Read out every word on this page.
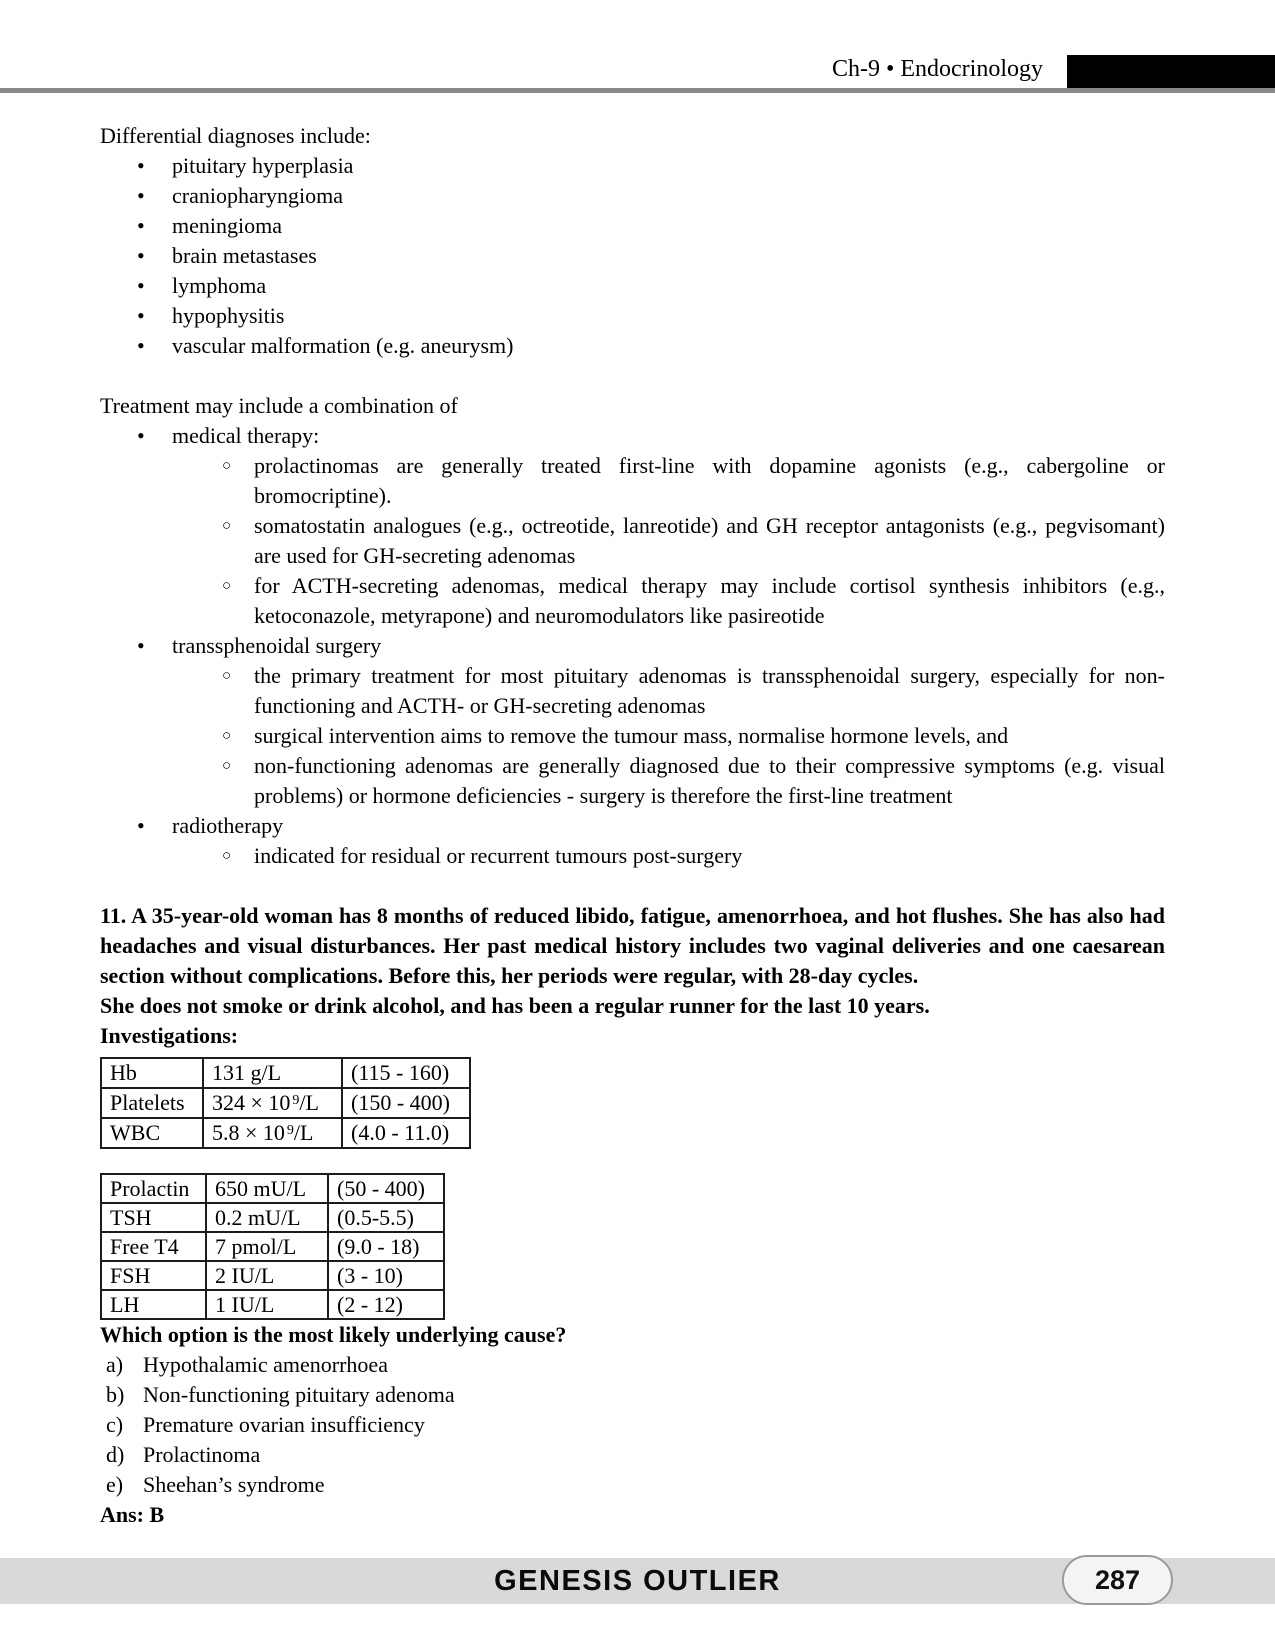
Ch-9 • Endocrinology
Differential diagnoses include:
•	pituitary hyperplasia
•	craniopharyngioma
•	meningioma
•	brain metastases
•	lymphoma
•	hypophysitis
•	vascular malformation (e.g. aneurysm)
Treatment may include a combination of
•	medical therapy:
○	prolactinomas are generally treated first-line with dopamine agonists (e.g., cabergoline or bromocriptine).
○	somatostatin analogues (e.g., octreotide, lanreotide) and GH receptor antagonists (e.g., pegvisomant) are used for GH-secreting adenomas
○	for ACTH-secreting adenomas, medical therapy may include cortisol synthesis inhibitors (e.g., ketoconazole, metyrapone) and neuromodulators like pasireotide
•	transsphenoidal surgery
○	the primary treatment for most pituitary adenomas is transsphenoidal surgery, especially for non-functioning and ACTH- or GH-secreting adenomas
○	surgical intervention aims to remove the tumour mass, normalise hormone levels, and
○	non-functioning adenomas are generally diagnosed due to their compressive symptoms (e.g. visual problems) or hormone deficiencies - surgery is therefore the first-line treatment
•	radiotherapy
○	indicated for residual or recurrent tumours post-surgery
11. A 35-year-old woman has 8 months of reduced libido, fatigue, amenorrhoea, and hot flushes. She has also had headaches and visual disturbances. Her past medical history includes two vaginal deliveries and one caesarean section without complications. Before this, her periods were regular, with 28-day cycles.
She does not smoke or drink alcohol, and has been a regular runner for the last 10 years.
Investigations:
Hb	131 g/L	(115 - 160)
Platelets	324 × 10 $^9$/L	(150 - 400)
WBC	5.8 × 10 $^9$/L	(4.0 - 11.0)
Prolactin	650 mU/L	(50 - 400)
TSH	0.2 mU/L	(0.5-5.5)
Free T4	7 pmol/L	(9.0 - 18)
FSH	2 IU/L	(3 - 10)
LH	1 IU/L	(2 - 12)
Which option is the most likely underlying cause?
a) Hypothalamic amenorrhoea
b) Non-functioning pituitary adenoma
c) Premature ovarian insufficiency
d) Prolactinoma
e) Sheehan’s syndrome
Ans: B
GENESIS OUTLIER	287
